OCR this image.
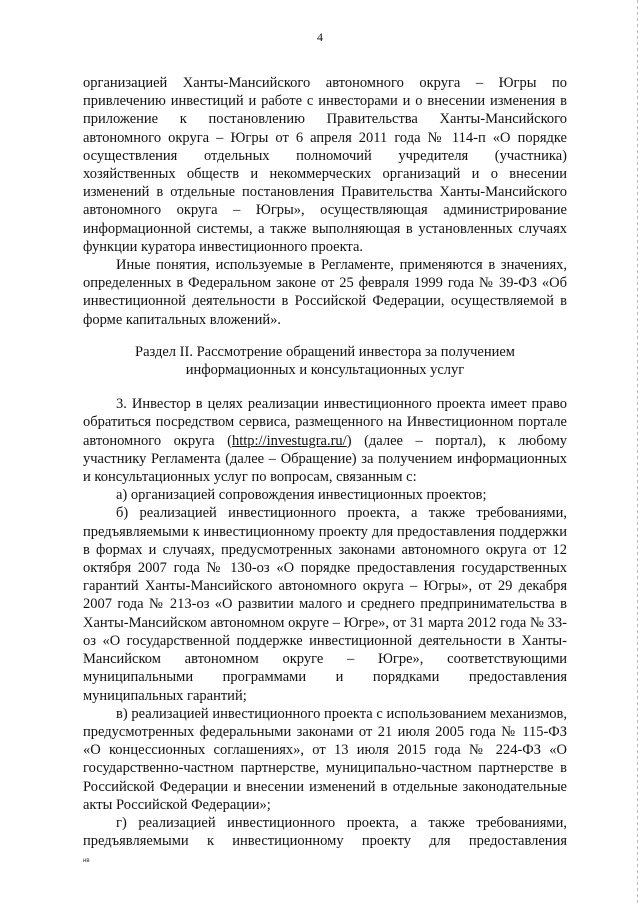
4

организацией Ханты-Мансийского автономного округа – Югры по привлечению инвестиций и работе с инвесторами и о внесении изменения в приложение к постановлению Правительства Ханты-Мансийского автономного округа – Югры от 6 апреля 2011 года № 114-п «О порядке осуществления отдельных полномочий учредителя (участника) хозяйственных обществ и некоммерческих организаций и о внесении изменений в отдельные постановления Правительства Ханты-Мансийского автономного округа – Югры», осуществляющая администрирование информационной системы, а также выполняющая в установленных случаях функции куратора инвестиционного проекта.

Иные понятия, используемые в Регламенте, применяются в значениях, определенных в Федеральном законе от 25 февраля 1999 года № 39-ФЗ «Об инвестиционной деятельности в Российской Федерации, осуществляемой в форме капитальных вложений».

Раздел II. Рассмотрение обращений инвестора за получением
информационных и консультационных услуг

3. Инвестор в целях реализации инвестиционного проекта имеет право обратиться посредством сервиса, размещенного на Инвестиционном портале автономного округа (http://investugra.ru/) (далее – портал), к любому участнику Регламента (далее – Обращение) за получением информационных и консультационных услуг по вопросам, связанным с:

а) организацией сопровождения инвестиционных проектов;

б) реализацией инвестиционного проекта, а также требованиями, предъявляемыми к инвестиционному проекту для предоставления поддержки в формах и случаях, предусмотренных законами автономного округа от 12 октября 2007 года № 130-оз «О порядке предоставления государственных гарантий Ханты-Мансийского автономного округа – Югры», от 29 декабря 2007 года № 213-оз «О развитии малого и среднего предпринимательства в Ханты-Мансийском автономном округе – Югре», от 31 марта 2012 года № 33-оз «О государственной поддержке инвестиционной деятельности в Ханты-Мансийском автономном округе – Югре», соответствующими муниципальными программами и порядками предоставления муниципальных гарантий;

в) реализацией инвестиционного проекта с использованием механизмов, предусмотренных федеральными законами от 21 июля 2005 года № 115-ФЗ «О концессионных соглашениях», от 13 июля 2015 года № 224-ФЗ «О государственно-частном партнерстве, муниципально-частном партнерстве в Российской Федерации и внесении изменений в отдельные законодательные акты Российской Федерации»;

г) реализацией инвестиционного проекта, а также требованиями, предъявляемыми к инвестиционному проекту для предоставления

нв
